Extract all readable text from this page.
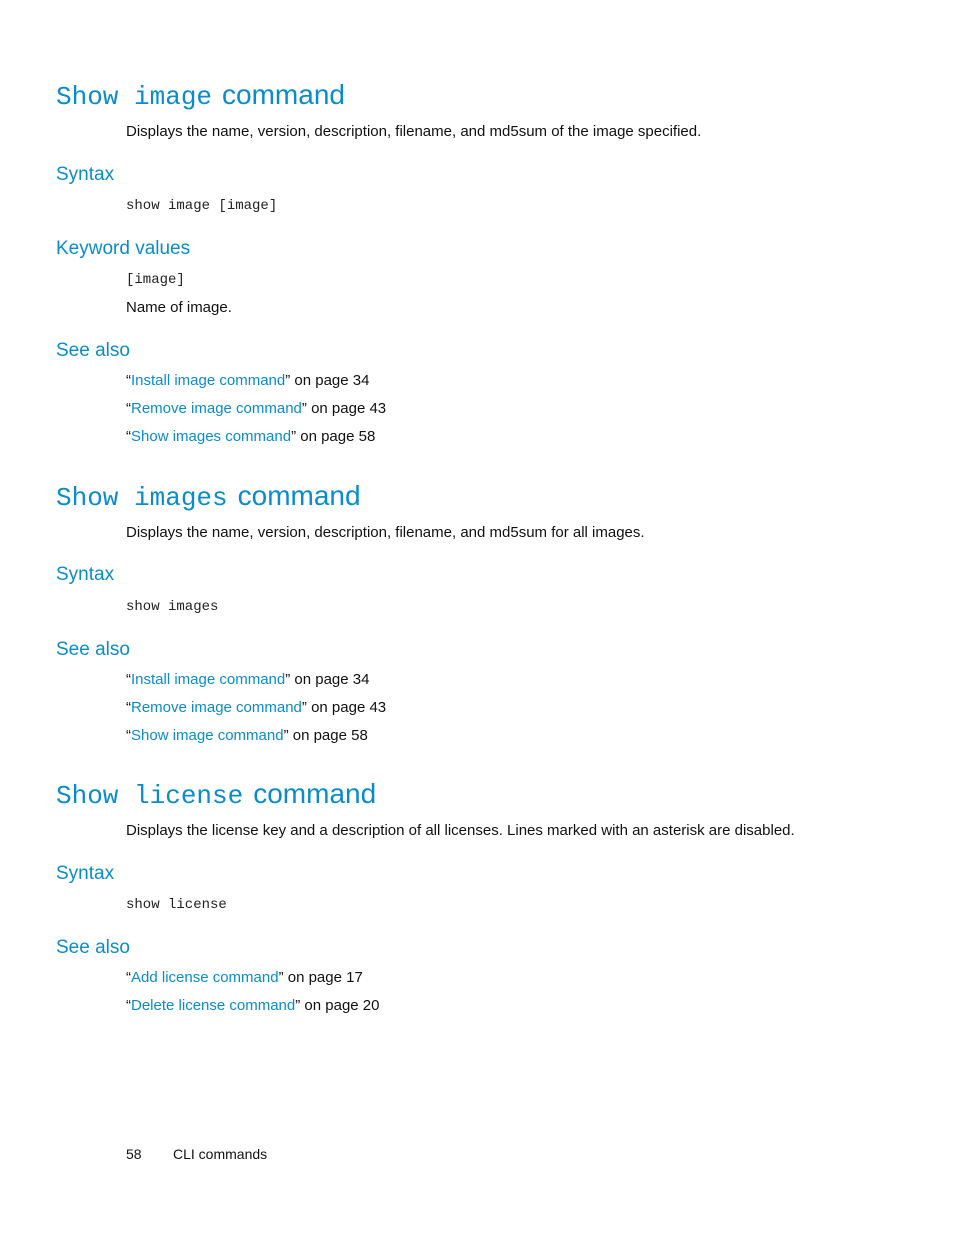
Show image command
Displays the name, version, description, filename, and md5sum of the image specified.
Syntax
show image [image]
Keyword values
[image]
Name of image.
See also
“Install image command” on page 34
“Remove image command” on page 43
“Show images command” on page 58
Show images command
Displays the name, version, description, filename, and md5sum for all images.
Syntax
show images
See also
“Install image command” on page 34
“Remove image command” on page 43
“Show image command” on page 58
Show license command
Displays the license key and a description of all licenses. Lines marked with an asterisk are disabled.
Syntax
show license
See also
“Add license command” on page 17
“Delete license command” on page 20
58 CLI commands
